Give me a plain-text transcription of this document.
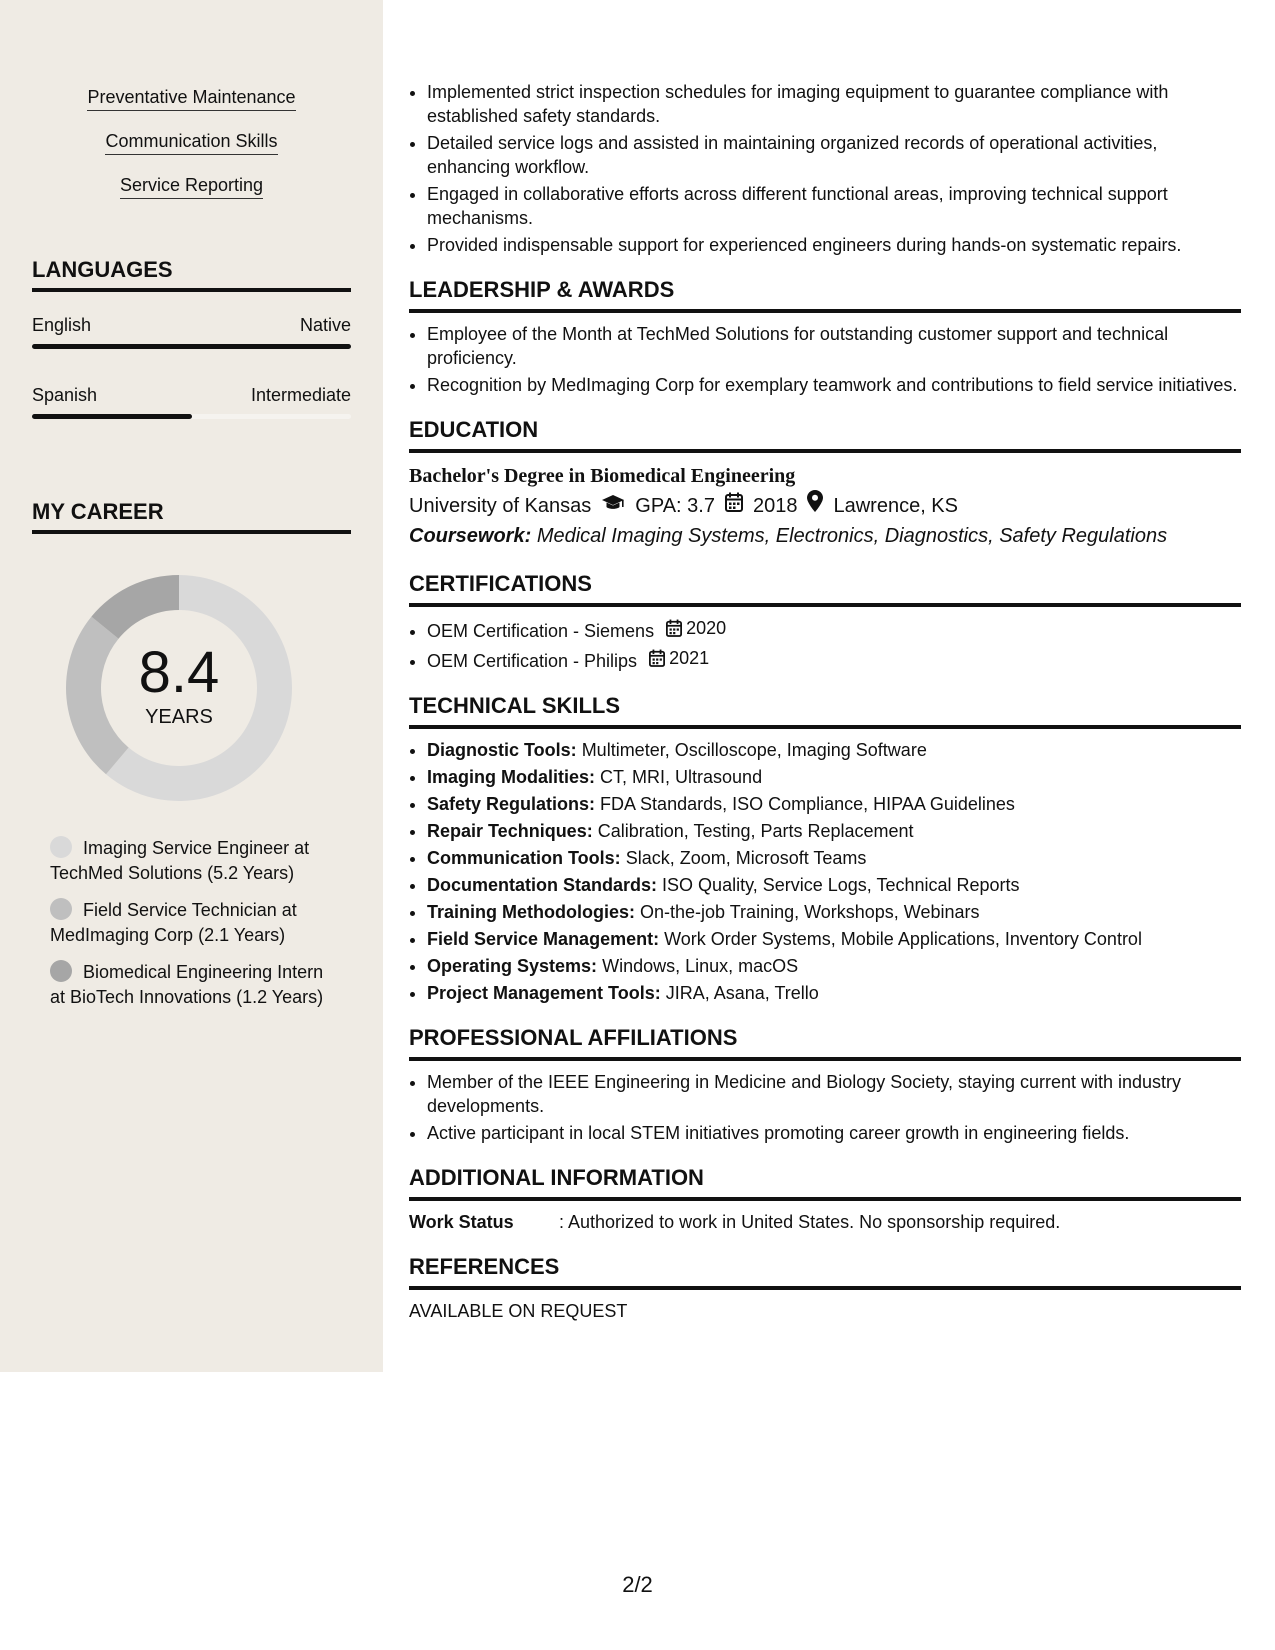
Preventative Maintenance
Communication Skills
Service Reporting
LANGUAGES
English	Native
Spanish	Intermediate
MY CAREER
8.4
YEARS
Imaging Service Engineer at TechMed Solutions (5.2 Years)
Field Service Technician at MedImaging Corp (2.1 Years)
Biomedical Engineering Intern at BioTech Innovations (1.2 Years)
• Implemented strict inspection schedules for imaging equipment to guarantee compliance with established safety standards.
• Detailed service logs and assisted in maintaining organized records of operational activities, enhancing workflow.
• Engaged in collaborative efforts across different functional areas, improving technical support mechanisms.
• Provided indispensable support for experienced engineers during hands-on systematic repairs.
LEADERSHIP & AWARDS
• Employee of the Month at TechMed Solutions for outstanding customer support and technical proficiency.
• Recognition by MedImaging Corp for exemplary teamwork and contributions to field service initiatives.
EDUCATION
Bachelor's Degree in Biomedical Engineering
University of Kansas GPA: 3.7 2018 Lawrence, KS
Coursework: Medical Imaging Systems, Electronics, Diagnostics, Safety Regulations
CERTIFICATIONS
• OEM Certification - Siemens 2020
• OEM Certification - Philips 2021
TECHNICAL SKILLS
• Diagnostic Tools: Multimeter, Oscilloscope, Imaging Software
• Imaging Modalities: CT, MRI, Ultrasound
• Safety Regulations: FDA Standards, ISO Compliance, HIPAA Guidelines
• Repair Techniques: Calibration, Testing, Parts Replacement
• Communication Tools: Slack, Zoom, Microsoft Teams
• Documentation Standards: ISO Quality, Service Logs, Technical Reports
• Training Methodologies: On-the-job Training, Workshops, Webinars
• Field Service Management: Work Order Systems, Mobile Applications, Inventory Control
• Operating Systems: Windows, Linux, macOS
• Project Management Tools: JIRA, Asana, Trello
PROFESSIONAL AFFILIATIONS
• Member of the IEEE Engineering in Medicine and Biology Society, staying current with industry developments.
• Active participant in local STEM initiatives promoting career growth in engineering fields.
ADDITIONAL INFORMATION
Work Status	: Authorized to work in United States. No sponsorship required.
REFERENCES
AVAILABLE ON REQUEST
2/2
